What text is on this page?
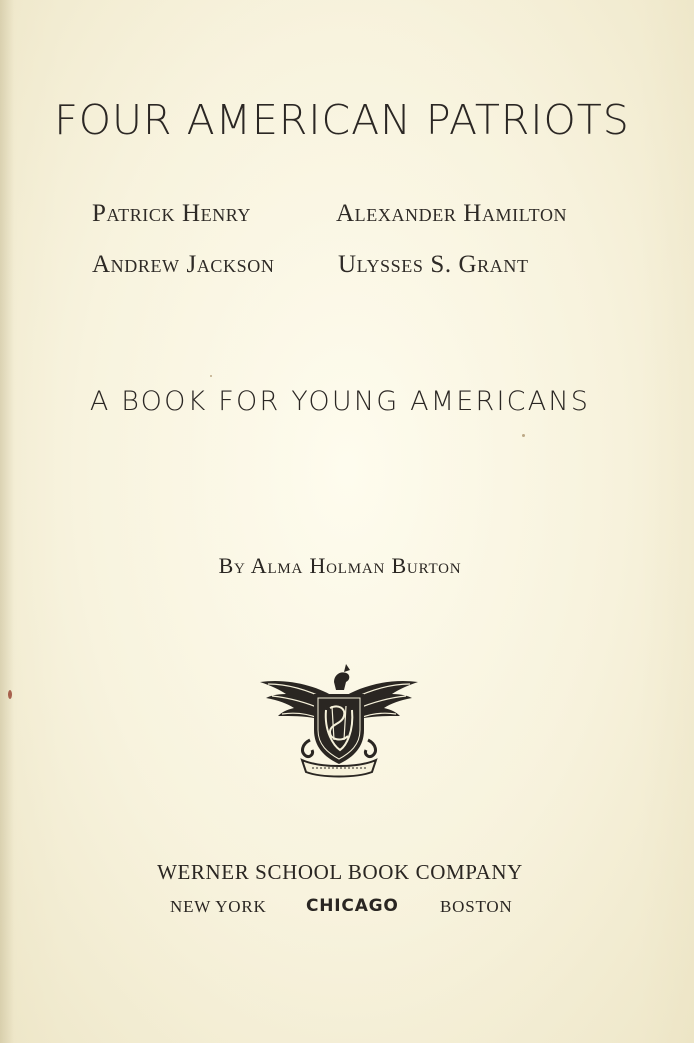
FOUR AMERICAN PATRIOTS
Patrick Henry	Alexander Hamilton
Andrew Jackson	Ulysses S. Grant
A BOOK FOR YOUNG AMERICANS
By Alma Holman Burton
WERNER SCHOOL BOOK COMPANY
NEW YORK CHICAGO BOSTON
